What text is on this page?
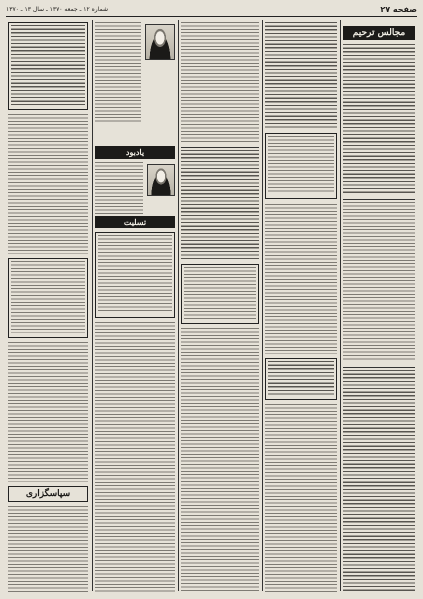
صفحه ۲۷
شماره ۱۲ ـ جمعه ۱۳۷۰ ـ سال ۱۳ ـ ۱۳۷۰
مجالس ترحیم
یادبود
تسلیت
سپاسگزاری
